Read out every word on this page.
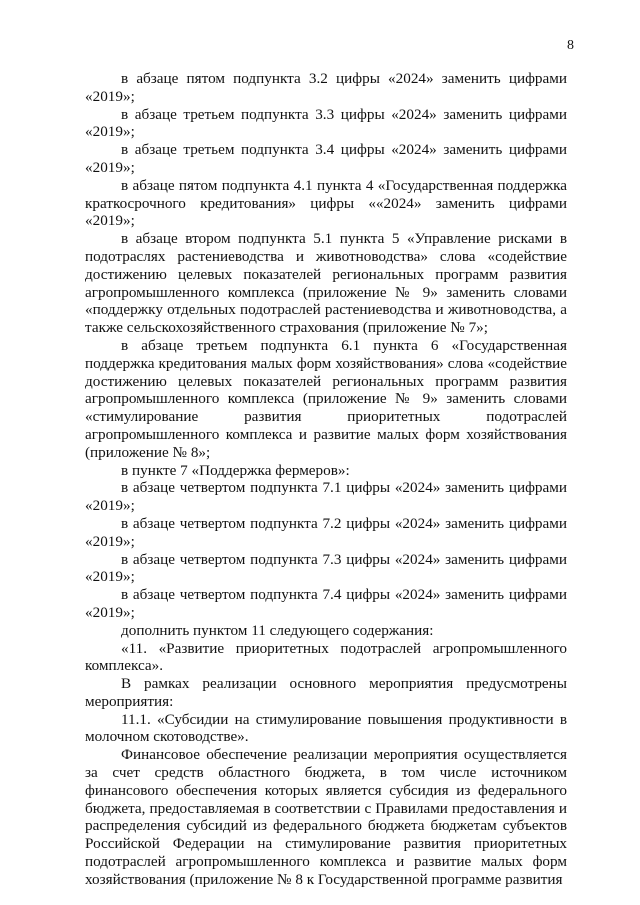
8

в абзаце пятом подпункта 3.2 цифры «2024» заменить цифрами «2019»;

в абзаце третьем подпункта 3.3 цифры «2024» заменить цифрами «2019»;

в абзаце третьем подпункта 3.4 цифры «2024» заменить цифрами «2019»;

в абзаце пятом подпункта 4.1 пункта 4 «Государственная поддержка краткосрочного кредитования» цифры ««2024» заменить цифрами «2019»;

в абзаце втором подпункта 5.1 пункта 5 «Управление рисками в подотраслях растениеводства и животноводства» слова «содействие достижению целевых показателей региональных программ развития агропромышленного комплекса (приложение № 9» заменить словами «поддержку отдельных подотраслей растениеводства и животноводства, а также сельскохозяйственного страхования (приложение № 7»;

в абзаце третьем подпункта 6.1 пункта 6 «Государственная поддержка кредитования малых форм хозяйствования» слова «содействие достижению целевых показателей региональных программ развития агропромышленного комплекса (приложение № 9» заменить словами «стимулирование развития приоритетных подотраслей агропромышленного комплекса и развитие малых форм хозяйствования (приложение № 8»;

в пункте 7 «Поддержка фермеров»:

в абзаце четвертом подпункта 7.1 цифры «2024» заменить цифрами «2019»;

в абзаце четвертом подпункта 7.2 цифры «2024» заменить цифрами «2019»;

в абзаце четвертом подпункта 7.3 цифры «2024» заменить цифрами «2019»;

в абзаце четвертом подпункта 7.4 цифры «2024» заменить цифрами «2019»;

дополнить пунктом 11 следующего содержания:

«11. «Развитие приоритетных подотраслей агропромышленного комплекса».

В рамках реализации основного мероприятия предусмотрены мероприятия:

11.1. «Субсидии на стимулирование повышения продуктивности в молочном скотоводстве».

Финансовое обеспечение реализации мероприятия осуществляется за счет средств областного бюджета, в том числе источником финансового обеспечения которых является субсидия из федерального бюджета, предоставляемая в соответствии с Правилами предоставления и распределения субсидий из федерального бюджета бюджетам субъектов Российской Федерации на стимулирование развития приоритетных подотраслей агропромышленного комплекса и развитие малых форм хозяйствования (приложение № 8 к Государственной программе развития
